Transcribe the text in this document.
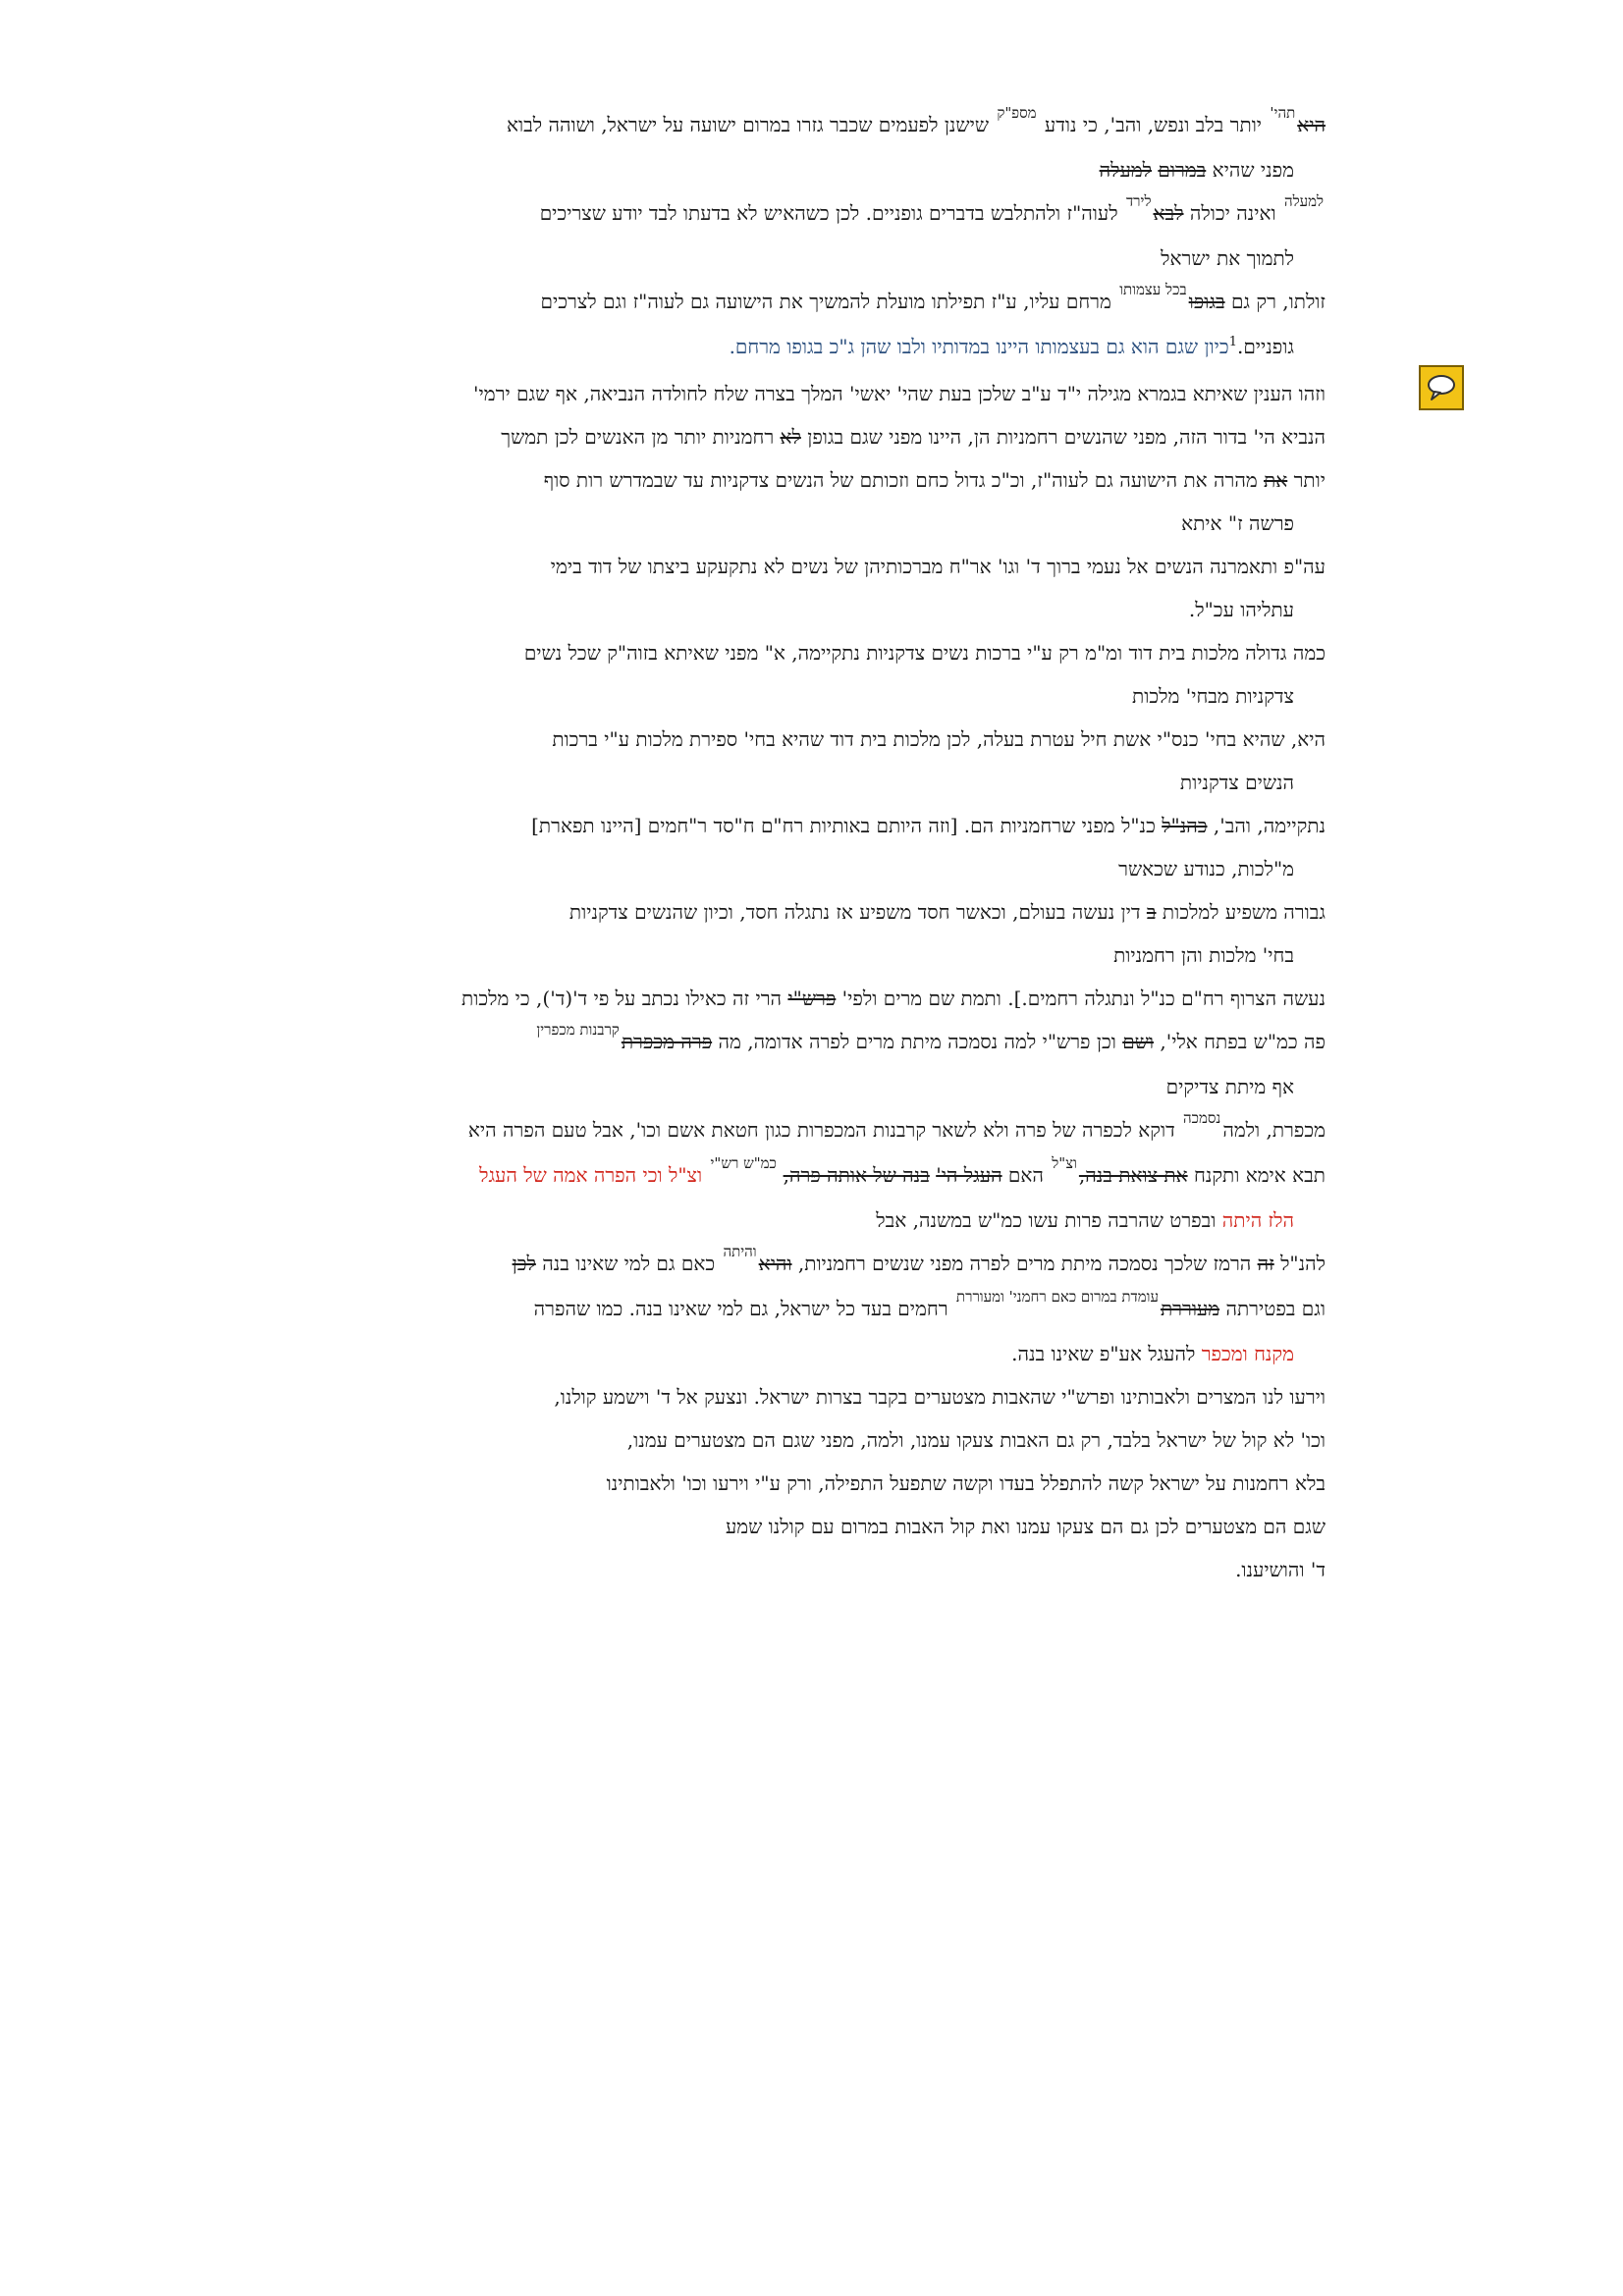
היא$^{תהי'}$ יותר בלב ונפש, והב', כי נודע $^{מספ"ק}$ שישנן לפעמים שכבר גזרו במרום ישועה על ישראל, ושוהה לבוא
מפני שהיא במרום למעלה
$^{למעלה}$ ואינה יכולה לבא$^{לירד}$ לעוה"ז ולהתלבש בדברים גופניים. לכן כשהאיש לא בדעתו לבד יודע שצריכים
לתמוך את ישראל
זולתו, רק גם בגופו$^{בכל עצמותו}$ מרחם עליו, ע"ז תפילתו מועלת להמשיך את הישועה גם לעוה"ז וגם לצרכים
גופניים.$^1$כיון שגם הוא גם בעצמותו היינו במדותיו ולבו שהן ג"כ בגופו מרחם.
וזהו הענין שאיתא בגמרא מגילה י"ד ע"ב שלכן בעת שהי' יאשי' המלך בצרה שלח לחולדה הנביאה, אף שגם ירמי'
הנביא הי' בדור הזה, מפני שהנשים רחמניות הן, היינו מפני שגם בגופן לא רחמניות יותר מן האנשים לכן תמשך
יותר את מהרה את הישועה גם לעוה"ז, וכ"כ גדול כחם וזכותם של הנשים צדקניות עד שבמדרש רות סוף
פרשה ז" איתא
עה"פ ותאמרנה הנשים אל נעמי ברוך ד' וגו' אר"ח מברכותיהן של נשים לא נתקעקע ביצתו של דוד בימי
עתליהו עכ"ל.
כמה גדולה מלכות בית דוד ומ"מ רק ע"י ברכות נשים צדקניות נתקיימה, א" מפני שאיתא בזוה"ק שכל נשים
צדקניות מבחי' מלכות
היא, שהיא בחי' כנס"י אשת חיל עטרת בעלה, לכן מלכות בית דוד שהיא בחי' ספירת מלכות ע"י ברכות
הנשים צדקניות
נתקיימה, והב', כהנ"ל כנ"ל מפני שרחמניות הם. [וזה היותם באותיות רח"ם ח"סד ר"חמים [היינו תפארת]
מ"לכות, כנודע שכאשר
גבורה משפיע למלכות ב דין נעשה בעולם, וכאשר חסד משפיע אז נתגלה חסד, וכיון שהנשים צדקניות
בחי' מלכות והן רחמניות
נעשה הצרוף רח"ם כנ"ל ונתגלה רחמים.]. ותמת שם מרים ולפי' פרש"י הרי זה כאילו נכתב על פי ד'(ד'), כי מלכות
פה כמ"ש בפתח אלי', ושם וכן פרש"י למה נסמכה מיתת מרים לפרה אדומה, מה פרה מכפרת$^{קרבנות מכפרין}$
אף מיתת צדיקים
מכפרת, ולמה$^{נסמכה}$ דוקא לכפרה של פרה ולא לשאר קרבנות המכפרות כגון חטאת אשם וכו', אבל טעם הפרה היא
תבא אימא ותקנח את צואת בנה,$^{וצ"ל}$ האם העגל הי' בנה של אותה פרה, $^{כמ"ש רש"י}$ וצ"ל וכי הפרה אמה של העגל
הלז היתה ובפרט שהרבה פרות עשו כמ"ש במשנה, אבל
להנ"ל זה הרמז שלכך נסמכה מיתת מרים לפרה מפני שנשים רחמניות, והיא$^{והיתה}$ כאם גם למי שאינו בנה לכן
וגם בפטירתה מעוררת$^{עומדת במרום כאם רחמני' ומעוררת}$ רחמים בעד כל ישראל, גם למי שאינו בנה. כמו שהפרה
מקנח ומכפר להעגל אע"פ שאינו בנה.
וירעו לנו המצרים ולאבותינו ופרש"י שהאבות מצטערים בקבר בצרות ישראל. ונצעק אל ד' וישמע קולנו,
וכו' לא קול של ישראל בלבד, רק גם האבות צעקו עמנו, ולמה, מפני שגם הם מצטערים עמנו,
בלא רחמנות על ישראל קשה להתפלל בעדו וקשה שתפעל התפילה, ורק ע"י וירעו וכו' ולאבותינו
שגם הם מצטערים לכן גם הם צעקו עמנו ואת קול האבות במרום עם קולנו שמע
ד' והושיענו.
